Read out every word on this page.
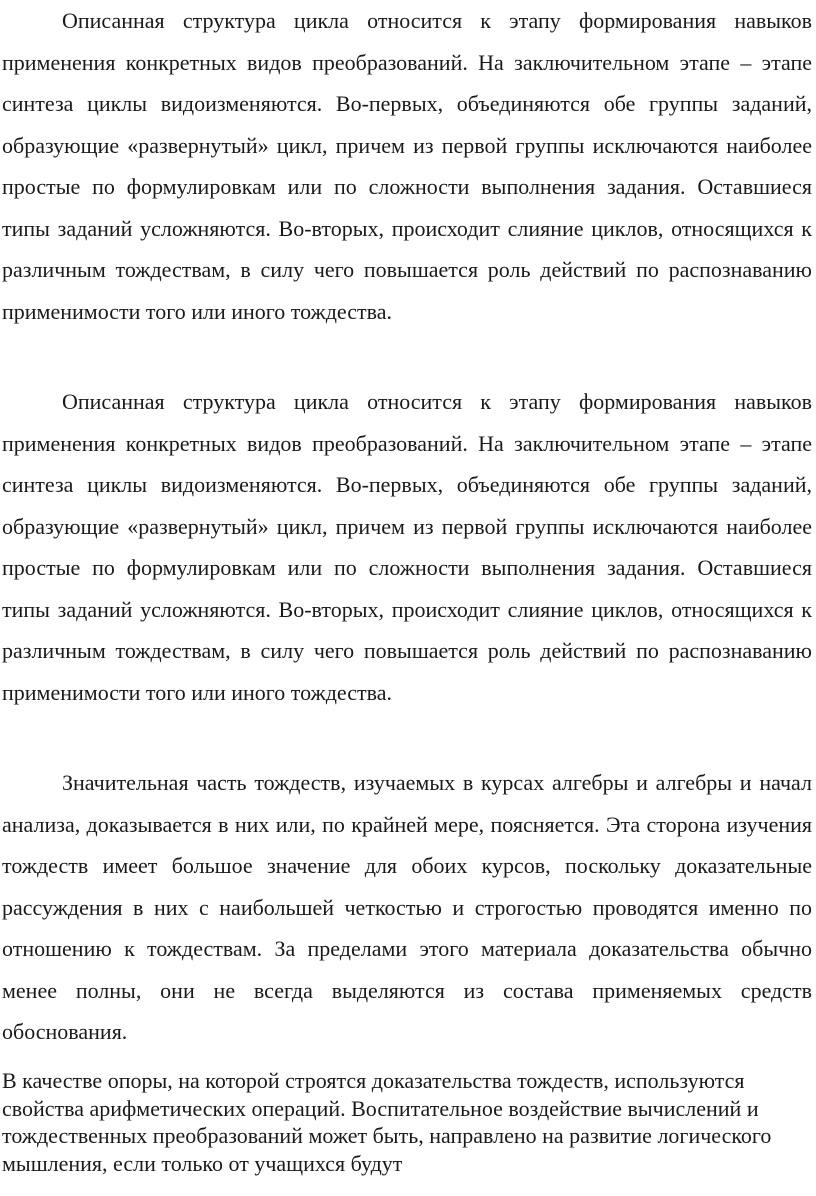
Описанная структура цикла относится к этапу формирования навыков применения конкретных видов преобразований. На заключительном этапе – этапе синтеза циклы видоизменяются. Во-первых, объединяются обе группы заданий, образующие «развернутый» цикл, причем из первой группы исключаются наиболее простые по формулировкам или по сложности выполнения задания. Оставшиеся типы заданий усложняются. Во-вторых, происходит слияние циклов, относящихся к различным тождествам, в силу чего повышается роль действий по распознаванию применимости того или иного тождества.

Описанная структура цикла относится к этапу формирования навыков применения конкретных видов преобразований. На заключительном этапе – этапе синтеза циклы видоизменяются. Во-первых, объединяются обе группы заданий, образующие «развернутый» цикл, причем из первой группы исключаются наиболее простые по формулировкам или по сложности выполнения задания. Оставшиеся типы заданий усложняются. Во-вторых, происходит слияние циклов, относящихся к различным тождествам, в силу чего повышается роль действий по распознаванию применимости того или иного тождества.

Значительная часть тождеств, изучаемых в курсах алгебры и алгебры и начал анализа, доказывается в них или, по крайней мере, поясняется. Эта сторона изучения тождеств имеет большое значение для обоих курсов, поскольку доказательные рассуждения в них с наибольшей четкостью и строгостью проводятся именно по отношению к тождествам. За пределами этого материала доказательства обычно менее полны, они не всегда выделяются из состава применяемых средств обоснования.

В качестве опоры, на которой строятся доказательства тождеств, используются свойства арифметических операций. Воспитательное воздействие вычислений и тождественных преобразований может быть, направлено на развитие логического мышления, если только от учащихся будут
